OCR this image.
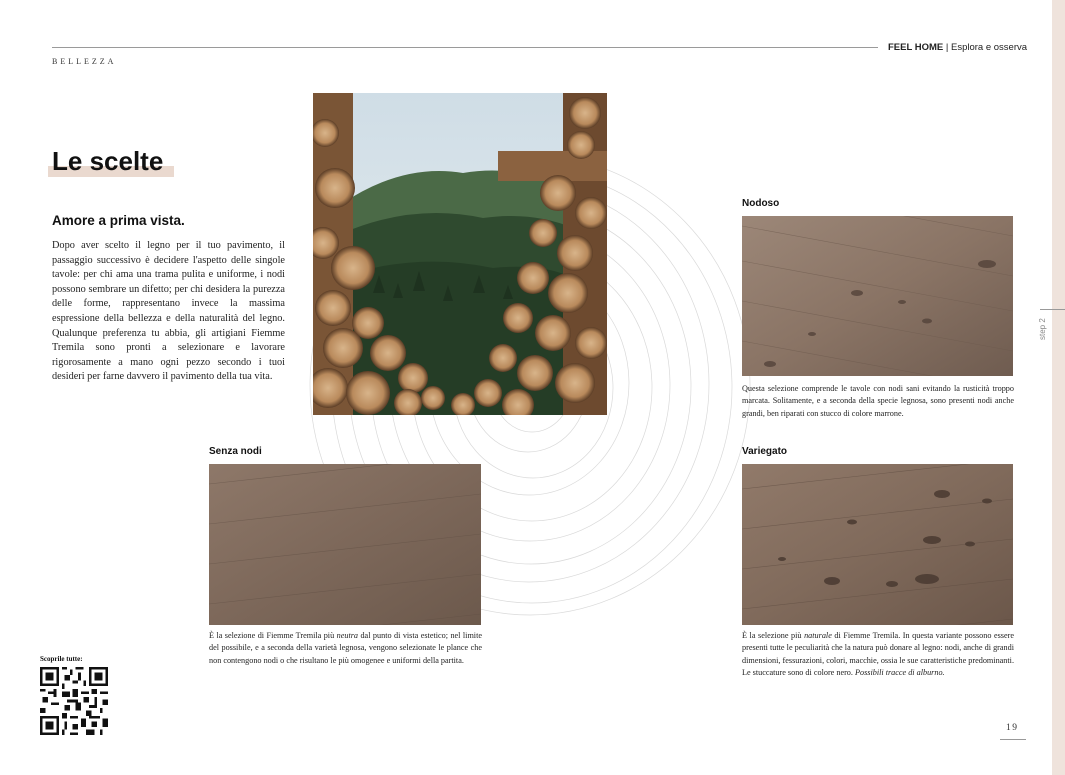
FEEL HOME | Esplora e osserva
BELLEZZA
step 2
Le scelte
Amore a prima vista.
Dopo aver scelto il legno per il tuo pavimento, il passaggio successivo è decidere l'aspetto delle singole tavole: per chi ama una trama pulita e uniforme, i nodi possono sembrare un difetto; per chi desidera la purezza delle forme, rappresentano invece la massima espressione della bellezza e della naturalità del legno. Qualunque preferenza tu abbia, gli artigiani Fiemme Tremila sono pronti a selezionare e lavorare rigorosamente a mano ogni pezzo secondo i tuoi desideri per farne davvero il pavimento della tua vita.
Nodoso
Questa selezione comprende le tavole con nodi sani evitando la rusticità troppo marcata. Solitamente, e a seconda della specie legnosa, sono presenti nodi anche grandi, ben riparati con stucco di colore marrone.
Senza nodi
È la selezione di Fiemme Tremila più neutra dal punto di vista estetico; nel limite del possibile, e a seconda della varietà legnosa, vengono selezionate le plance che non contengono nodi o che risultano le più omogenee e uniformi della partita.
Variegato
È la selezione più naturale di Fiemme Tremila. In questa variante possono essere presenti tutte le peculiarità che la natura può donare al legno: nodi, anche di grandi dimensioni, fessurazioni, colori, macchie, ossia le sue caratteristiche predominanti. Le stuccature sono di colore nero. Possibili tracce di alburno.
Scoprile tutte:
19
